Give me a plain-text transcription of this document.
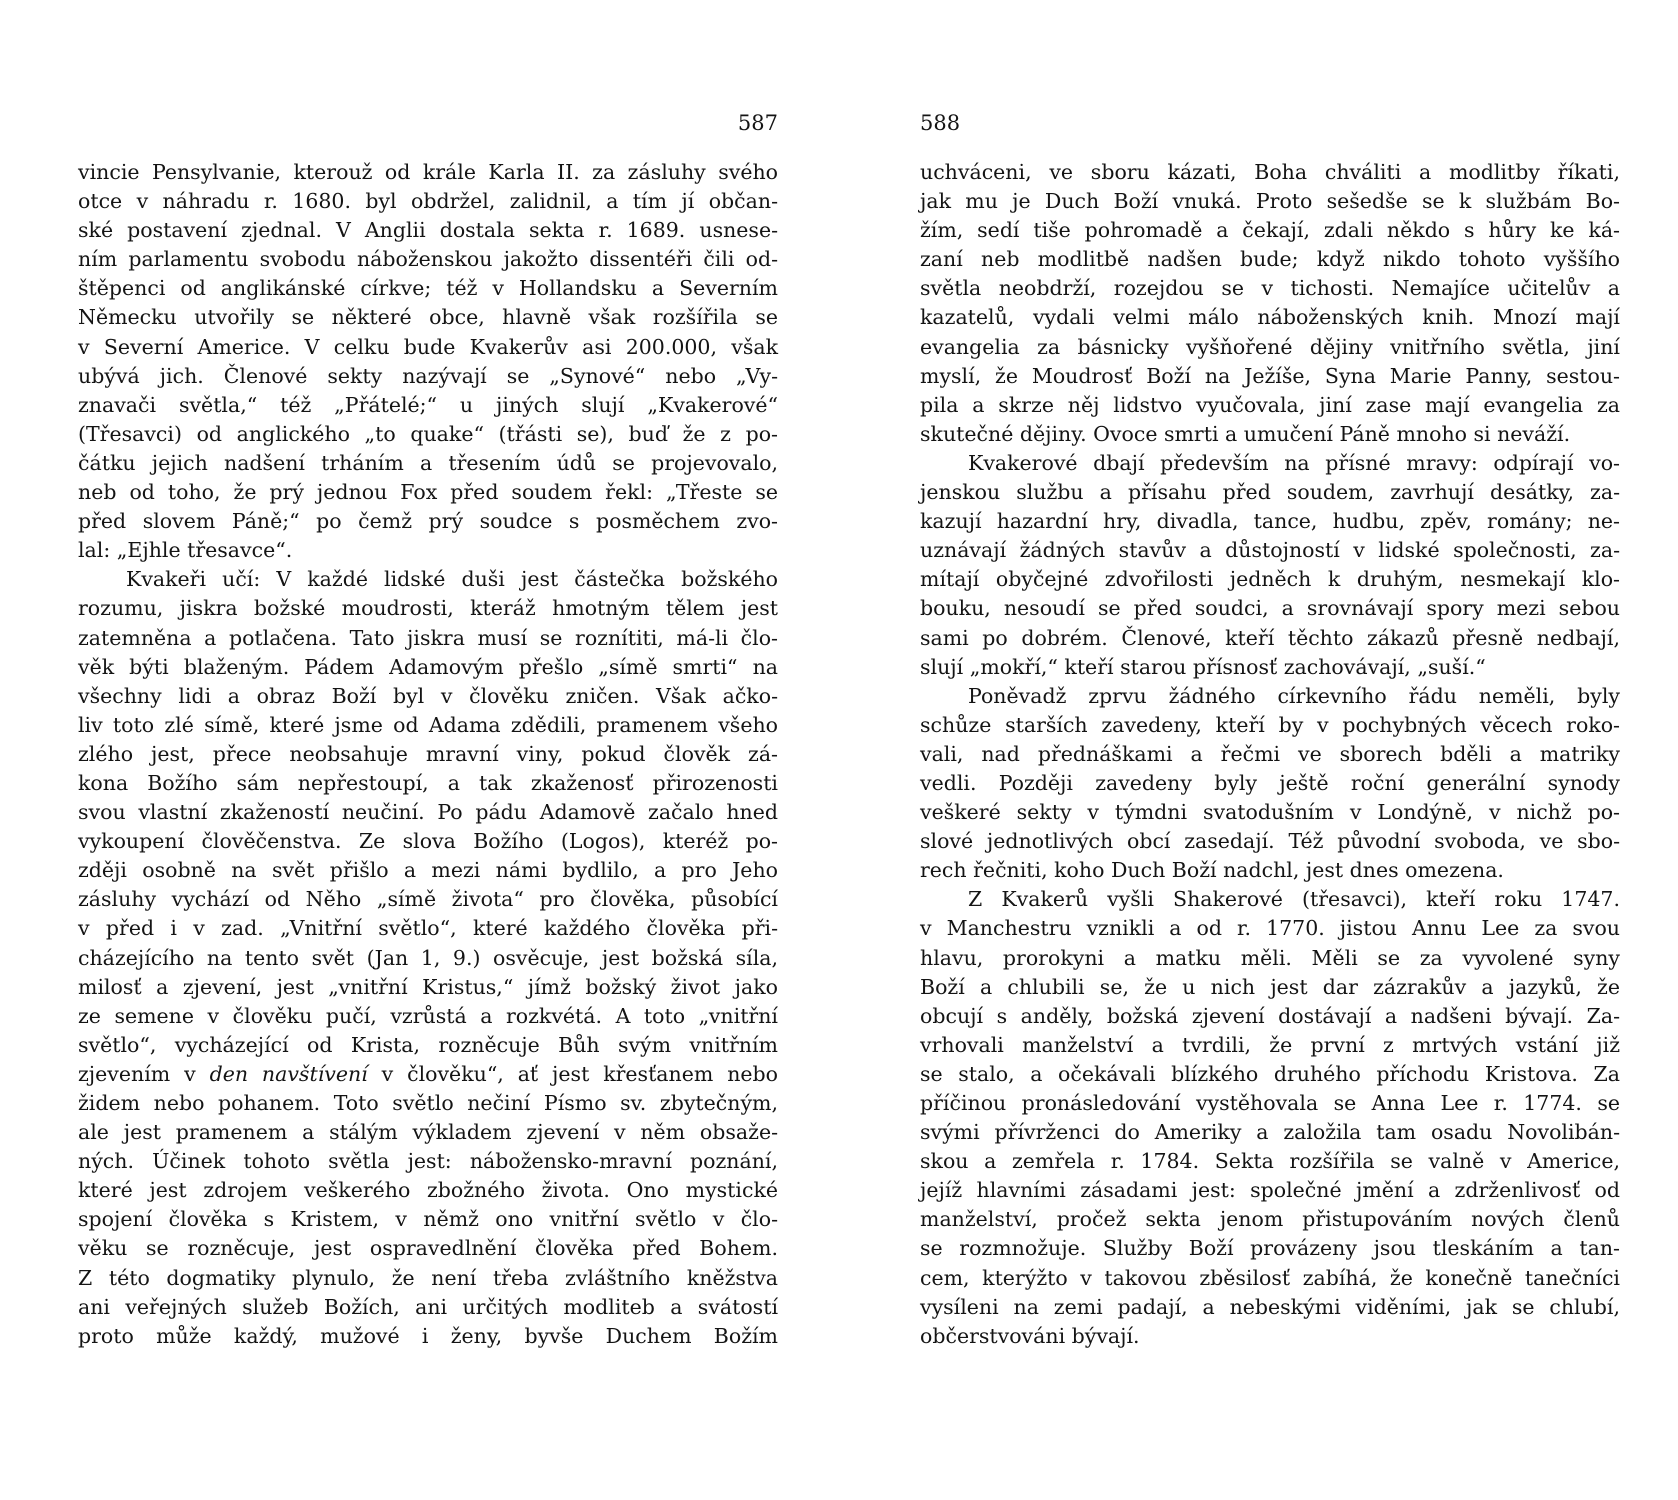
587
vincie Pensylvanie, kterouž od krále Karla II. za zásluhy svého
otce v náhradu r. 1680. byl obdržel, zalidnil, a tím jí občan-
ské postavení zjednal. V Anglii dostala sekta r. 1689. usnese-
ním parlamentu svobodu náboženskou jakožto dissentéři čili od-
štěpenci od anglikánské církve; též v Hollandsku a Severním
Německu utvořily se některé obce, hlavně však rozšířila se
v Severní Americe. V celku bude Kvakerův asi 200.000, však
ubývá jich. Členové sekty nazývají se „Synové“ nebo „Vy-
znavači světla,“ též „Přátelé;“ u jiných slují „Kvakerové“
(Třesavci) od anglického „to quake“ (třásti se), buď že z po-
čátku jejich nadšení trháním a třesením údů se projevovalo,
neb od toho, že prý jednou Fox před soudem řekl: „Třeste se
před slovem Páně;“ po čemž prý soudce s posměchem zvo-
lal: „Ejhle třesavce“.
Kvakeři učí: V každé lidské duši jest částečka božského
rozumu, jiskra božské moudrosti, kteráž hmotným tělem jest
zatemněna a potlačena. Tato jiskra musí se roznítiti, má-li člo-
věk býti blaženým. Pádem Adamovým přešlo „símě smrti“ na
všechny lidi a obraz Boží byl v člověku zničen. Však ačko-
liv toto zlé símě, které jsme od Adama zdědili, pramenem všeho
zlého jest, přece neobsahuje mravní viny, pokud člověk zá-
kona Božího sám nepřestoupí, a tak zkaženosť přirozenosti
svou vlastní zkažeností neučiní. Po pádu Adamově začalo hned
vykoupení člověčenstva. Ze slova Božího (Logos), kteréž po-
zději osobně na svět přišlo a mezi námi bydlilo, a pro Jeho
zásluhy vychází od Něho „símě života“ pro člověka, působící
v před i v zad. „Vnitřní světlo“, které každého člověka při-
cházejícího na tento svět (Jan 1, 9.) osvěcuje, jest božská síla,
milosť a zjevení, jest „vnitřní Kristus,“ jímž božský život jako
ze semene v člověku pučí, vzrůstá a rozkvétá. A toto „vnitřní
světlo“, vycházející od Krista, rozněcuje Bůh svým vnitřním
zjevením v den navštívení v člověku“, ať jest křesťanem nebo
židem nebo pohanem. Toto světlo nečiní Písmo sv. zbytečným,
ale jest pramenem a stálým výkladem zjevení v něm obsaže-
ných. Účinek tohoto světla jest: nábožensko-mravní poznání,
které jest zdrojem veškerého zbožného života. Ono mystické
spojení člověka s Kristem, v němž ono vnitřní světlo v člo-
věku se rozněcuje, jest ospravedlnění člověka před Bohem.
Z této dogmatiky plynulo, že není třeba zvláštního kněžstva
ani veřejných služeb Božích, ani určitých modliteb a svátostí
proto může každý, mužové i ženy, byvše Duchem Božím
588
uchváceni, ve sboru kázati, Boha chváliti a modlitby říkati,
jak mu je Duch Boží vnuká. Proto sešedše se k službám Bo-
žím, sedí tiše pohromadě a čekají, zdali někdo s hůry ke ká-
zaní neb modlitbě nadšen bude; když nikdo tohoto vyššího
světla neobdrží, rozejdou se v tichosti. Nemajíce učitelův a
kazatelů, vydali velmi málo náboženských knih. Mnozí mají
evangelia za básnicky vyšňořené dějiny vnitřního světla, jiní
myslí, že Moudrosť Boží na Ježíše, Syna Marie Panny, sestou-
pila a skrze něj lidstvo vyučovala, jiní zase mají evangelia za
skutečné dějiny. Ovoce smrti a umučení Páně mnoho si neváží.
Kvakerové dbají především na přísné mravy: odpírají vo-
jenskou službu a přísahu před soudem, zavrhují desátky, za-
kazují hazardní hry, divadla, tance, hudbu, zpěv, romány; ne-
uznávají žádných stavův a důstojností v lidské společnosti, za-
mítají obyčejné zdvořilosti jedněch k druhým, nesmekají klo-
bouku, nesoudí se před soudci, a srovnávají spory mezi sebou
sami po dobrém. Členové, kteří těchto zákazů přesně nedbají,
slují „mokří,“ kteří starou přísnosť zachovávají, „suší.“
Poněvadž zprvu žádného církevního řádu neměli, byly
schůze starších zavedeny, kteří by v pochybných věcech roko-
vali, nad přednáškami a řečmi ve sborech bděli a matriky
vedli. Později zavedeny byly ještě roční generální synody
veškeré sekty v týmdni svatodušním v Londýně, v nichž po-
slové jednotlivých obcí zasedají. Též původní svoboda, ve sbo-
rech řečniti, koho Duch Boží nadchl, jest dnes omezena.
Z Kvakerů vyšli Shakerové (třesavci), kteří roku 1747.
v Manchestru vznikli a od r. 1770. jistou Annu Lee za svou
hlavu, prorokyni a matku měli. Měli se za vyvolené syny
Boží a chlubili se, že u nich jest dar zázrakův a jazyků, že
obcují s anděly, božská zjevení dostávají a nadšeni bývají. Za-
vrhovali manželství a tvrdili, že první z mrtvých vstání již
se stalo, a očekávali blízkého druhého příchodu Kristova. Za
příčinou pronásledování vystěhovala se Anna Lee r. 1774. se
svými přívrženci do Ameriky a založila tam osadu Novolibán-
skou a zemřela r. 1784. Sekta rozšířila se valně v Americe,
jejíž hlavními zásadami jest: společné jmění a zdrženlivosť od
manželství, pročež sekta jenom přistupováním nových členů
se rozmnožuje. Služby Boží provázeny jsou tleskáním a tan-
cem, kterýžto v takovou zběsilosť zabíhá, že konečně tanečníci
vysíleni na zemi padají, a nebeskými viděními, jak se chlubí,
občerstvováni bývají.
